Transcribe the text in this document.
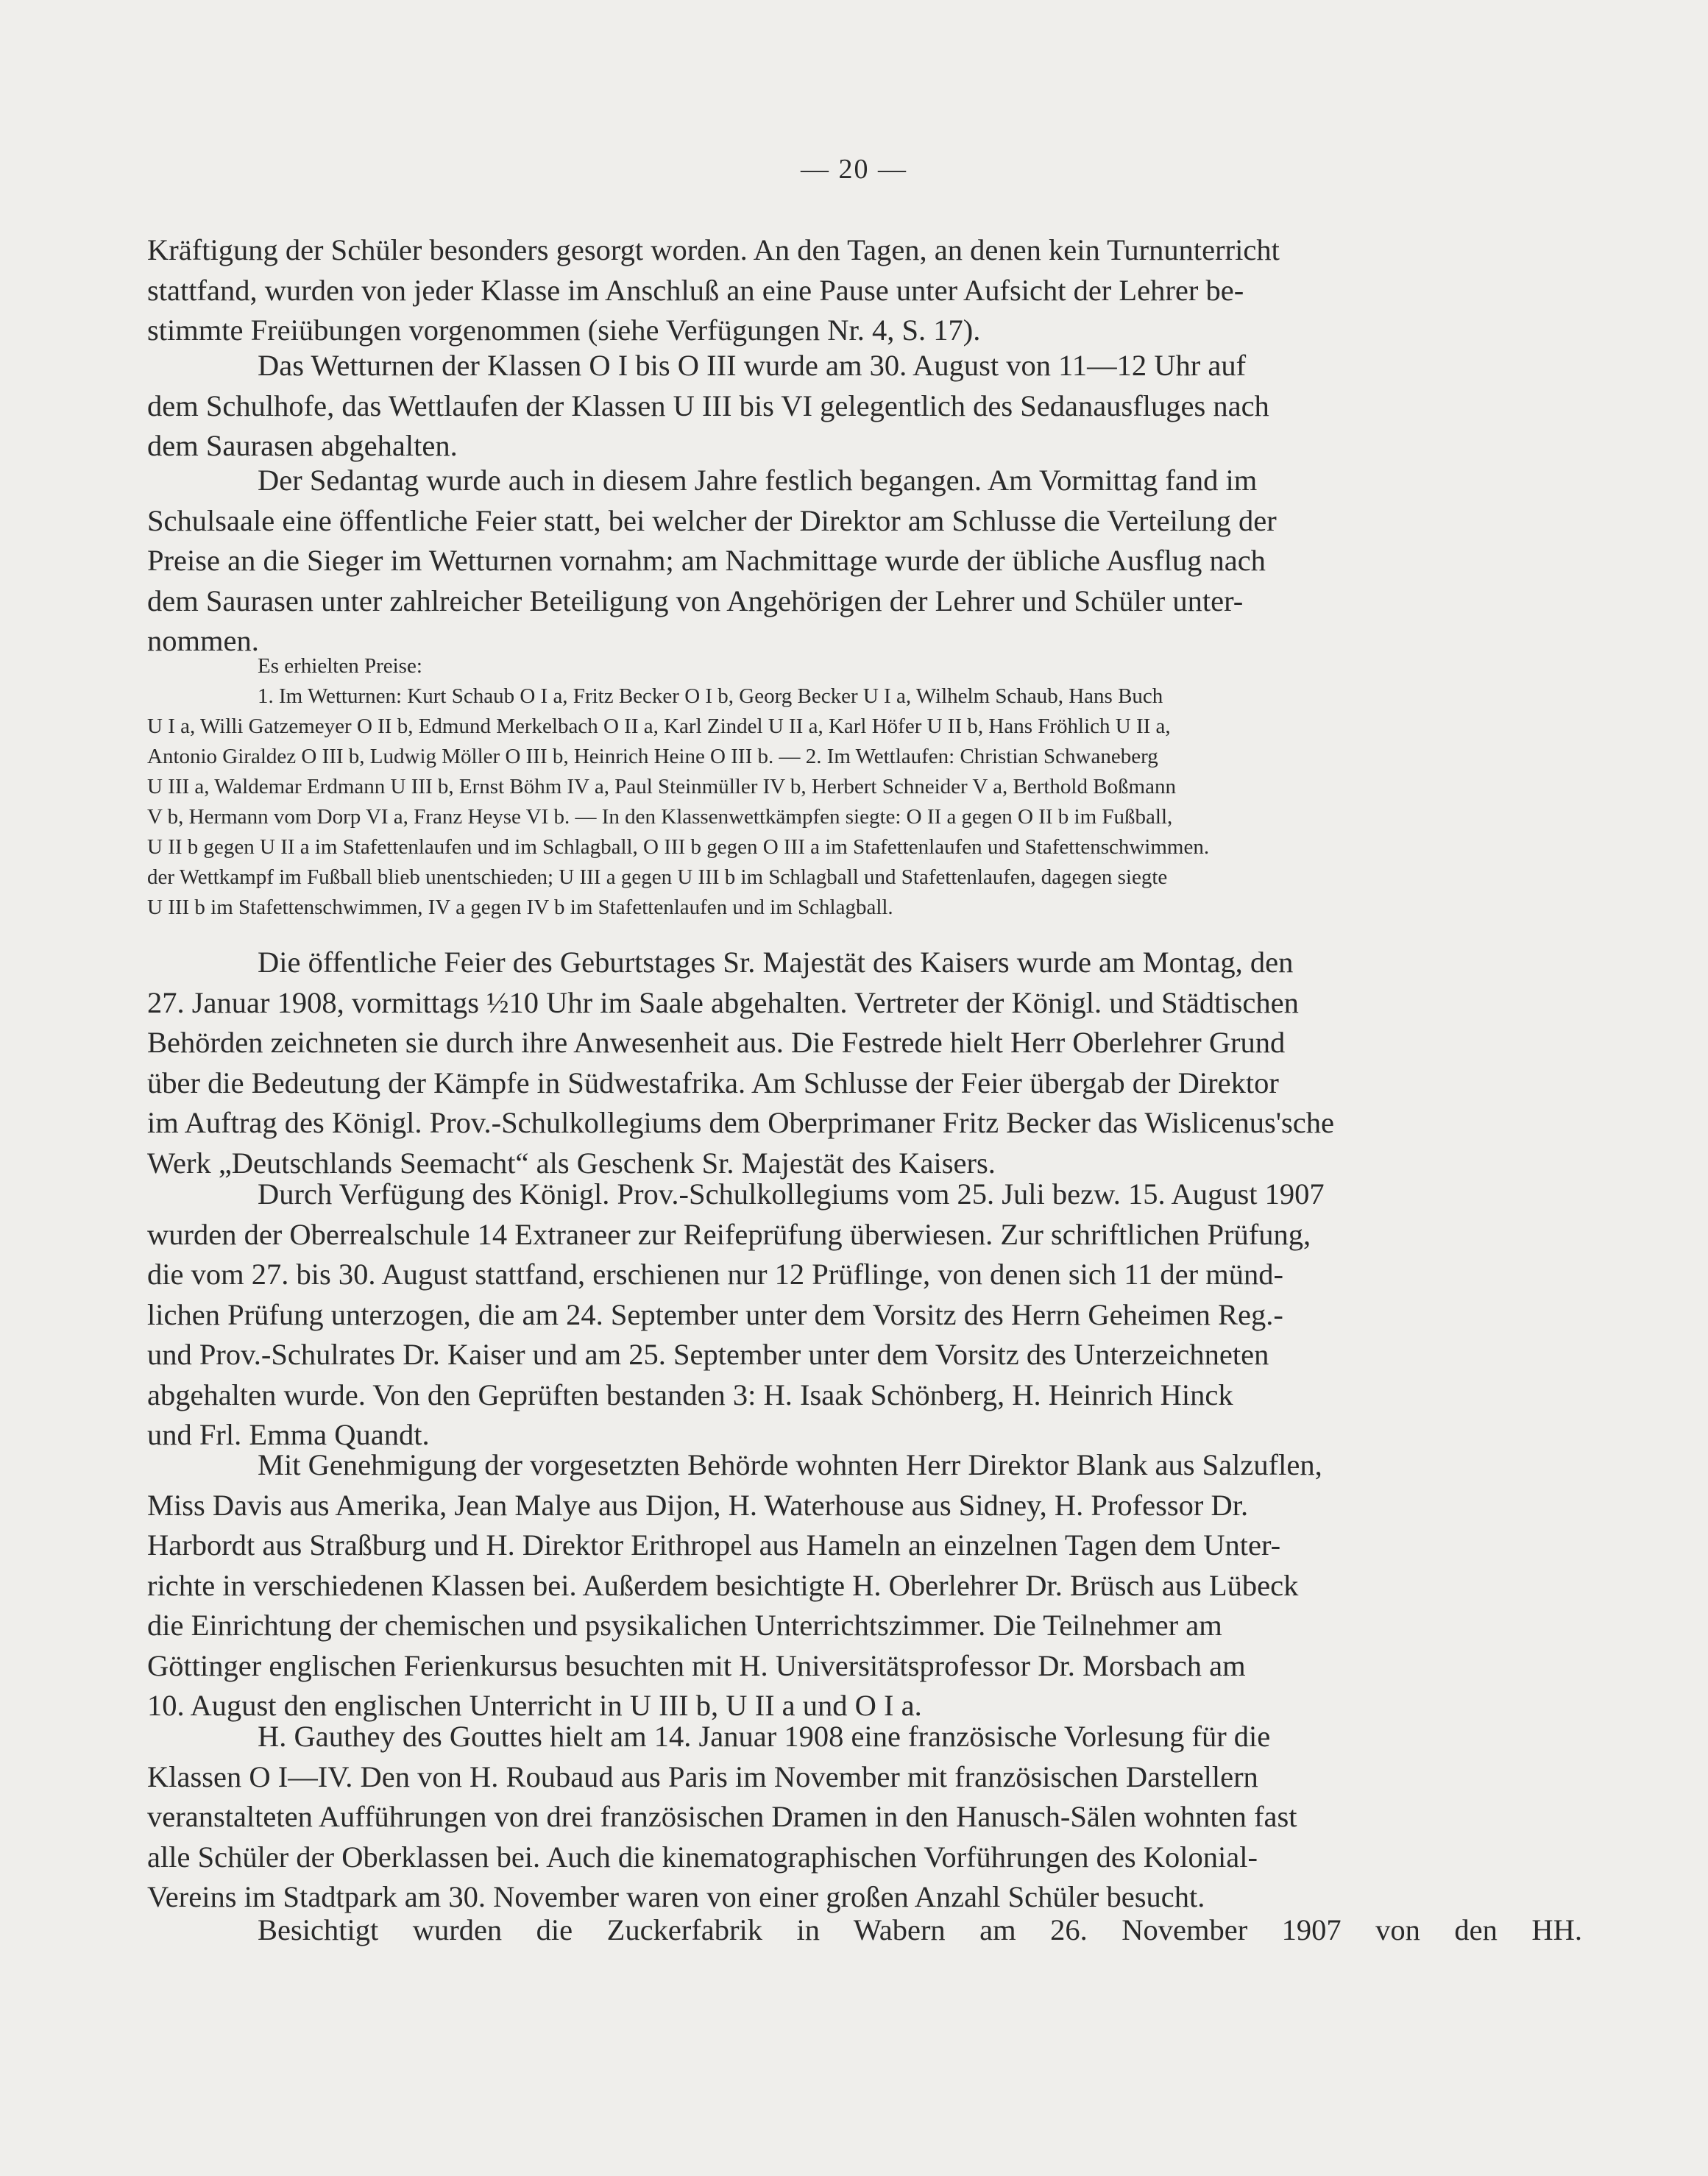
— 20 —

Kräftigung der Schüler besonders gesorgt worden. An den Tagen, an denen kein Turnunterricht
stattfand, wurden von jeder Klasse im Anschluß an eine Pause unter Aufsicht der Lehrer be-
stimmte Freiübungen vorgenommen (siehe Verfügungen Nr. 4, S. 17).

Das Wetturnen der Klassen O I bis O III wurde am 30. August von 11—12 Uhr auf
dem Schulhofe, das Wettlaufen der Klassen U III bis VI gelegentlich des Sedanausfluges nach
dem Saurasen abgehalten.

Der Sedantag wurde auch in diesem Jahre festlich begangen. Am Vormittag fand im
Schulsaale eine öffentliche Feier statt, bei welcher der Direktor am Schlusse die Verteilung der
Preise an die Sieger im Wetturnen vornahm; am Nachmittage wurde der übliche Ausflug nach
dem Saurasen unter zahlreicher Beteiligung von Angehörigen der Lehrer und Schüler unter-
nommen.

Es erhielten Preise:
1. Im Wetturnen: Kurt Schaub O I a, Fritz Becker O I b, Georg Becker U I a, Wilhelm Schaub, Hans Buch
U I a, Willi Gatzemeyer O II b, Edmund Merkelbach O II a, Karl Zindel U II a, Karl Höfer U II b, Hans Fröhlich U II a,
Antonio Giraldez O III b, Ludwig Möller O III b, Heinrich Heine O III b. — 2. Im Wettlaufen: Christian Schwaneberg
U III a, Waldemar Erdmann U III b, Ernst Böhm IV a, Paul Steinmüller IV b, Herbert Schneider V a, Berthold Boßmann
V b, Hermann vom Dorp VI a, Franz Heyse VI b. — In den Klassenwettkämpfen siegte: O II a gegen O II b im Fußball,
U II b gegen U II a im Stafettenlaufen und im Schlagball, O III b gegen O III a im Stafettenlaufen und Stafettenschwimmen.
der Wettkampf im Fußball blieb unentschieden; U III a gegen U III b im Schlagball und Stafettenlaufen, dagegen siegte
U III b im Stafettenschwimmen, IV a gegen IV b im Stafettenlaufen und im Schlagball.

Die öffentliche Feier des Geburtstages Sr. Majestät des Kaisers wurde am Montag, den
27. Januar 1908, vormittags ½10 Uhr im Saale abgehalten. Vertreter der Königl. und Städtischen
Behörden zeichneten sie durch ihre Anwesenheit aus. Die Festrede hielt Herr Oberlehrer Grund
über die Bedeutung der Kämpfe in Südwestafrika. Am Schlusse der Feier übergab der Direktor
im Auftrag des Königl. Prov.-Schulkollegiums dem Oberprimaner Fritz Becker das Wislicenus'sche
Werk „Deutschlands Seemacht“ als Geschenk Sr. Majestät des Kaisers.

Durch Verfügung des Königl. Prov.-Schulkollegiums vom 25. Juli bezw. 15. August 1907
wurden der Oberrealschule 14 Extraneer zur Reifeprüfung überwiesen. Zur schriftlichen Prüfung,
die vom 27. bis 30. August stattfand, erschienen nur 12 Prüflinge, von denen sich 11 der münd-
lichen Prüfung unterzogen, die am 24. September unter dem Vorsitz des Herrn Geheimen Reg.-
und Prov.-Schulrates Dr. Kaiser und am 25. September unter dem Vorsitz des Unterzeichneten
abgehalten wurde. Von den Geprüften bestanden 3: H. Isaak Schönberg, H. Heinrich Hinck
und Frl. Emma Quandt.

Mit Genehmigung der vorgesetzten Behörde wohnten Herr Direktor Blank aus Salzuflen,
Miss Davis aus Amerika, Jean Malye aus Dijon, H. Waterhouse aus Sidney, H. Professor Dr.
Harbordt aus Straßburg und H. Direktor Erithropel aus Hameln an einzelnen Tagen dem Unter-
richte in verschiedenen Klassen bei. Außerdem besichtigte H. Oberlehrer Dr. Brüsch aus Lübeck
die Einrichtung der chemischen und psysikalichen Unterrichtszimmer. Die Teilnehmer am
Göttinger englischen Ferienkursus besuchten mit H. Universitätsprofessor Dr. Morsbach am
10. August den englischen Unterricht in U III b, U II a und O I a.

H. Gauthey des Gouttes hielt am 14. Januar 1908 eine französische Vorlesung für die
Klassen O I—IV. Den von H. Roubaud aus Paris im November mit französischen Darstellern
veranstalteten Aufführungen von drei französischen Dramen in den Hanusch-Sälen wohnten fast
alle Schüler der Oberklassen bei. Auch die kinematographischen Vorführungen des Kolonial-
Vereins im Stadtpark am 30. November waren von einer großen Anzahl Schüler besucht.

Besichtigt wurden die Zuckerfabrik in Wabern am 26. November 1907 von den HH.
